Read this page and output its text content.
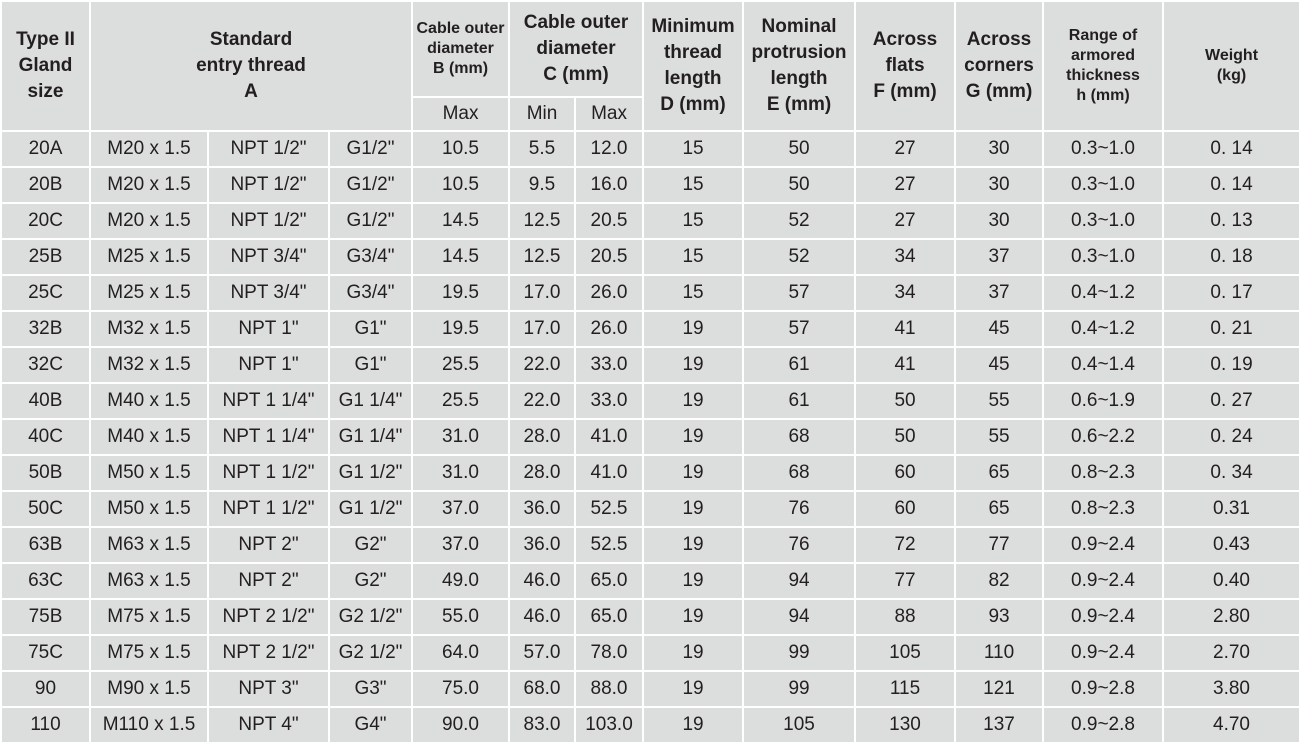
Type II
Gland
size	Standard
entry thread
A			Cable outer
diameter
B (mm)	Cable outer
diameter
C (mm)		Minimum
thread
length
D (mm)	Nominal
protrusion
length
E (mm)	Across
flats
F (mm)	Across
corners
G (mm)	Range of
armored
thickness
h (mm)	Weight
(kg)

				Max	Min	Max						
20A	M20 x 1.5	NPT 1/2"	G1/2"	10.5	5.5	12.0	15	50	27	30	0.3~1.0	0. 14
20B	M20 x 1.5	NPT 1/2"	G1/2"	10.5	9.5	16.0	15	50	27	30	0.3~1.0	0. 14
20C	M20 x 1.5	NPT 1/2"	G1/2"	14.5	12.5	20.5	15	52	27	30	0.3~1.0	0. 13
25B	M25 x 1.5	NPT 3/4"	G3/4"	14.5	12.5	20.5	15	52	34	37	0.3~1.0	0. 18
25C	M25 x 1.5	NPT 3/4"	G3/4"	19.5	17.0	26.0	15	57	34	37	0.4~1.2	0. 17
32B	M32 x 1.5	NPT 1"	G1"	19.5	17.0	26.0	19	57	41	45	0.4~1.2	0. 21
32C	M32 x 1.5	NPT 1"	G1"	25.5	22.0	33.0	19	61	41	45	0.4~1.4	0. 19
40B	M40 x 1.5	NPT 1 1/4"	G1 1/4"	25.5	22.0	33.0	19	61	50	55	0.6~1.9	0. 27
40C	M40 x 1.5	NPT 1 1/4"	G1 1/4"	31.0	28.0	41.0	19	68	50	55	0.6~2.2	0. 24
50B	M50 x 1.5	NPT 1 1/2"	G1 1/2"	31.0	28.0	41.0	19	68	60	65	0.8~2.3	0. 34
50C	M50 x 1.5	NPT 1 1/2"	G1 1/2"	37.0	36.0	52.5	19	76	60	65	0.8~2.3	0.31
63B	M63 x 1.5	NPT 2"	G2"	37.0	36.0	52.5	19	76	72	77	0.9~2.4	0.43
63C	M63 x 1.5	NPT 2"	G2"	49.0	46.0	65.0	19	94	77	82	0.9~2.4	0.40
75B	M75 x 1.5	NPT 2 1/2"	G2 1/2"	55.0	46.0	65.0	19	94	88	93	0.9~2.4	2.80
75C	M75 x 1.5	NPT 2 1/2"	G2 1/2"	64.0	57.0	78.0	19	99	105	110	0.9~2.4	2.70
90	M90 x 1.5	NPT 3"	G3"	75.0	68.0	88.0	19	99	115	121	0.9~2.8	3.80
110	M110 x 1.5	NPT 4"	G4"	90.0	83.0	103.0	19	105	130	137	0.9~2.8	4.70
